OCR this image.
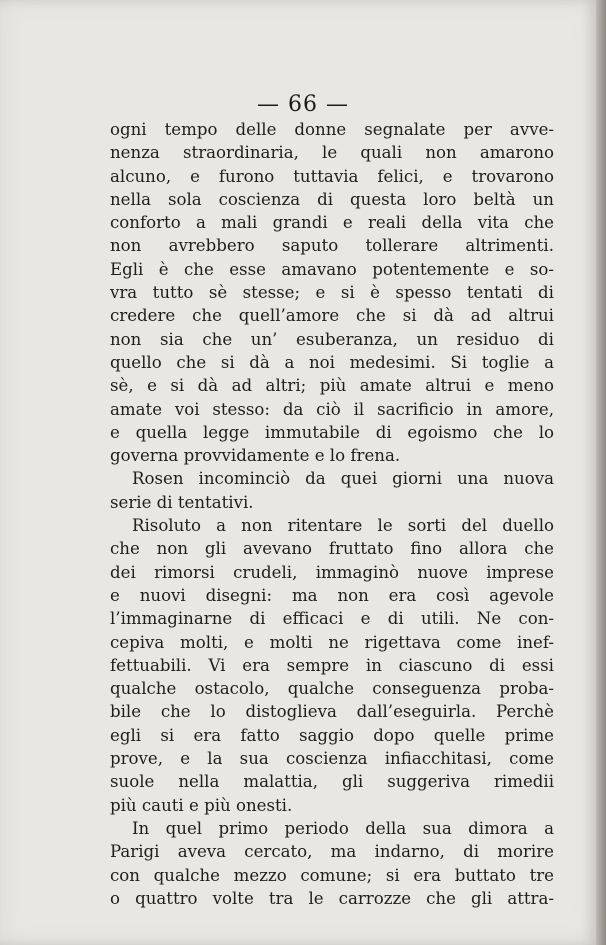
— 66 —
ogni tempo delle donne segnalate per avve-
nenza straordinaria, le quali non amarono
alcuno, e furono tuttavia felici, e trovarono
nella sola coscienza di questa loro beltà un
conforto a mali grandi e reali della vita che
non avrebbero saputo tollerare altrimenti.
Egli è che esse amavano potentemente e so-
vra tutto sè stesse; e si è spesso tentati di
credere che quell’amore che si dà ad altrui
non sia che un’ esuberanza, un residuo di
quello che si dà a noi medesimi. Si toglie a
sè, e si dà ad altri; più amate altrui e meno
amate voi stesso: da ciò il sacrificio in amore,
e quella legge immutabile di egoismo che lo
governa provvidamente e lo frena.
Rosen incominciò da quei giorni una nuova
serie di tentativi.
Risoluto a non ritentare le sorti del duello
che non gli avevano fruttato fino allora che
dei rimorsi crudeli, immaginò nuove imprese
e nuovi disegni: ma non era così agevole
l’immaginarne di efficaci e di utili. Ne con-
cepiva molti, e molti ne rigettava come inef-
fettuabili. Vi era sempre in ciascuno di essi
qualche ostacolo, qualche conseguenza proba-
bile che lo distoglieva dall’eseguirla. Perchè
egli si era fatto saggio dopo quelle prime
prove, e la sua coscienza infiacchitasi, come
suole nella malattia, gli suggeriva rimedii
più cauti e più onesti.
In quel primo periodo della sua dimora a
Parigi aveva cercato, ma indarno, di morire
con qualche mezzo comune; si era buttato tre
o quattro volte tra le carrozze che gli attra-
